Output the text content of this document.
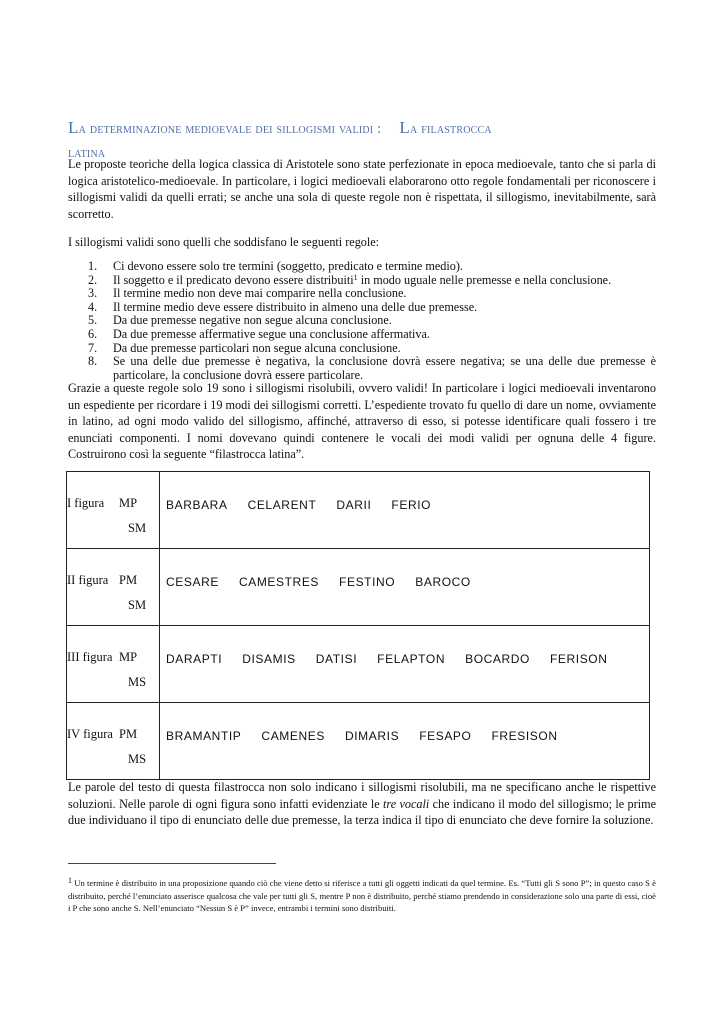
La determinazione medioevale dei sillogismi validi : La filastrocca
latina
Le proposte teoriche della logica classica di Aristotele sono state perfezionate in epoca medioevale, tanto che si parla di logica aristotelico-medioevale. In particolare, i logici medioevali elaborarono otto regole fondamentali per riconoscere i sillogismi validi da quelli errati; se anche una sola di queste regole non è rispettata, il sillogismo, inevitabilmente, sarà scorretto.
I sillogismi validi sono quelli che soddisfano le seguenti regole:
1. Ci devono essere solo tre termini (soggetto, predicato e termine medio).
2. Il soggetto e il predicato devono essere distribuiti$^1$ in modo uguale nelle premesse e nella conclusione.
3. Il termine medio non deve mai comparire nella conclusione.
4. Il termine medio deve essere distribuito in almeno una delle due premesse.
5. Da due premesse negative non segue alcuna conclusione.
6. Da due premesse affermative segue una conclusione affermativa.
7. Da due premesse particolari non segue alcuna conclusione.
8. Se una delle due premesse è negativa, la conclusione dovrà essere negativa; se una delle due premesse è particolare, la conclusione dovrà essere particolare.
Grazie a queste regole solo 19 sono i sillogismi risolubili, ovvero validi! In particolare i logici medioevali inventarono un espediente per ricordare i 19 modi dei sillogismi corretti. L’espediente trovato fu quello di dare un nome, ovviamente in latino, ad ogni modo valido del sillogismo, affinché, attraverso di esso, si potesse identificare quali fossero i tre enunciati componenti. I nomi dovevano quindi contenere le vocali dei modi validi per ognuna delle 4 figure. Costruirono così la seguente “filastrocca latina”.
I figura MP
SM	BARBARA CELARENT DARII FERIO

II figura PM
SM	CESARE CAMESTRES FESTINO BAROCO

III figura MP
MS	DARAPTI DISAMIS DATISI FELAPTON BOCARDO FERISON

IV figura PM
MS	BRAMANTIP CAMENES DIMARIS FESAPO FRESISON
Le parole del testo di questa filastrocca non solo indicano i sillogismi risolubili, ma ne specificano anche le rispettive soluzioni. Nelle parole di ogni figura sono infatti evidenziate le tre vocali che indicano il modo del sillogismo; le prime due individuano il tipo di enunciato delle due premesse, la terza indica il tipo di enunciato che deve fornire la soluzione.
$^1$ Un termine è distribuito in una proposizione quando ciò che viene detto si riferisce a tutti gli oggetti indicati da quel termine. Es. “Tutti gli S sono P”; in questo caso S è distribuito, perché l’enunciato asserisce qualcosa che vale per tutti gli S, mentre P non è distribuito, perché stiamo prendendo in considerazione solo una parte di essi, cioè i P che sono anche S. Nell’enunciato “Nessun S è P” invece, entrambi i termini sono distribuiti.
